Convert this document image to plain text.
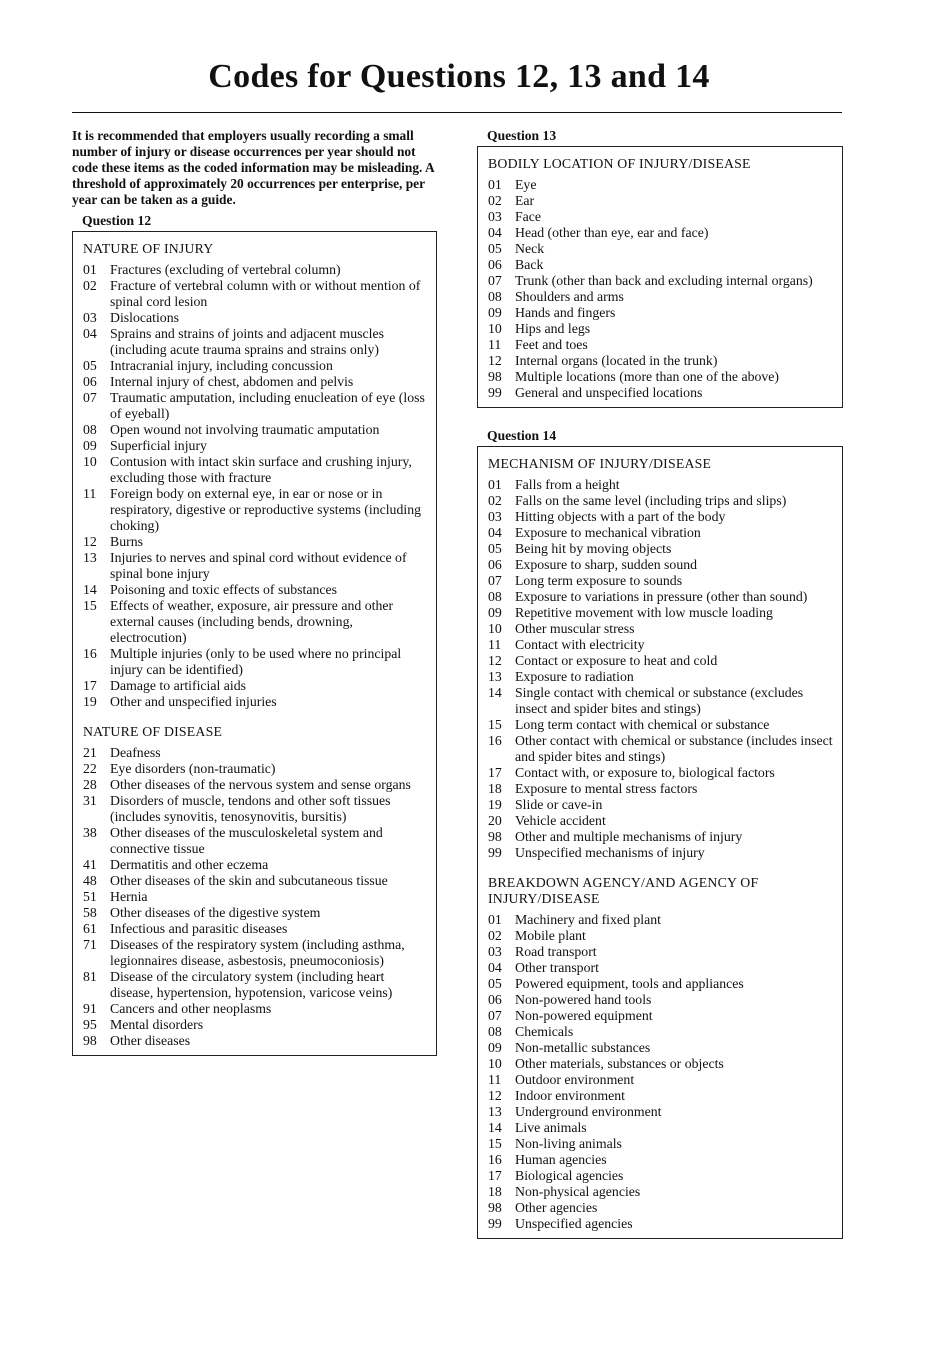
Codes for Questions 12, 13 and 14

It is recommended that employers usually recording a small number of injury or disease occurrences per year should not code these items as the coded information may be misleading. A threshold of approximately 20 occurrences per enterprise, per year can be taken as a guide.

Question 12
NATURE OF INJURY
01 Fractures (excluding of vertebral column)
02 Fracture of vertebral column with or without mention of spinal cord lesion
03 Dislocations
04 Sprains and strains of joints and adjacent muscles (including acute trauma sprains and strains only)
05 Intracranial injury, including concussion
06 Internal injury of chest, abdomen and pelvis
07 Traumatic amputation, including enucleation of eye (loss of eyeball)
08 Open wound not involving traumatic amputation
09 Superficial injury
10 Contusion with intact skin surface and crushing injury, excluding those with fracture
11 Foreign body on external eye, in ear or nose or in respiratory, digestive or reproductive systems (including choking)
12 Burns
13 Injuries to nerves and spinal cord without evidence of spinal bone injury
14 Poisoning and toxic effects of substances
15 Effects of weather, exposure, air pressure and other external causes (including bends, drowning, electrocution)
16 Multiple injuries (only to be used where no principal injury can be identified)
17 Damage to artificial aids
19 Other and unspecified injuries
NATURE OF DISEASE
21 Deafness
22 Eye disorders (non-traumatic)
28 Other diseases of the nervous system and sense organs
31 Disorders of muscle, tendons and other soft tissues (includes synovitis, tenosynovitis, bursitis)
38 Other diseases of the musculoskeletal system and connective tissue
41 Dermatitis and other eczema
48 Other diseases of the skin and subcutaneous tissue
51 Hernia
58 Other diseases of the digestive system
61 Infectious and parasitic diseases
71 Diseases of the respiratory system (including asthma, legionnaires disease, asbestosis, pneumoconiosis)
81 Disease of the circulatory system (including heart disease, hypertension, hypotension, varicose veins)
91 Cancers and other neoplasms
95 Mental disorders
98 Other diseases
Question 13
BODILY LOCATION OF INJURY/DISEASE
01 Eye
02 Ear
03 Face
04 Head (other than eye, ear and face)
05 Neck
06 Back
07 Trunk (other than back and excluding internal organs)
08 Shoulders and arms
09 Hands and fingers
10 Hips and legs
11 Feet and toes
12 Internal organs (located in the trunk)
98 Multiple locations (more than one of the above)
99 General and unspecified locations
Question 14
MECHANISM OF INJURY/DISEASE
01 Falls from a height
02 Falls on the same level (including trips and slips)
03 Hitting objects with a part of the body
04 Exposure to mechanical vibration
05 Being hit by moving objects
06 Exposure to sharp, sudden sound
07 Long term exposure to sounds
08 Exposure to variations in pressure (other than sound)
09 Repetitive movement with low muscle loading
10 Other muscular stress
11 Contact with electricity
12 Contact or exposure to heat and cold
13 Exposure to radiation
14 Single contact with chemical or substance (excludes insect and spider bites and stings)
15 Long term contact with chemical or substance
16 Other contact with chemical or substance (includes insect and spider bites and stings)
17 Contact with, or exposure to, biological factors
18 Exposure to mental stress factors
19 Slide or cave-in
20 Vehicle accident
98 Other and multiple mechanisms of injury
99 Unspecified mechanisms of injury
BREAKDOWN AGENCY/AND AGENCY OF INJURY/DISEASE
01 Machinery and fixed plant
02 Mobile plant
03 Road transport
04 Other transport
05 Powered equipment, tools and appliances
06 Non-powered hand tools
07 Non-powered equipment
08 Chemicals
09 Non-metallic substances
10 Other materials, substances or objects
11 Outdoor environment
12 Indoor environment
13 Underground environment
14 Live animals
15 Non-living animals
16 Human agencies
17 Biological agencies
18 Non-physical agencies
98 Other agencies
99 Unspecified agencies
